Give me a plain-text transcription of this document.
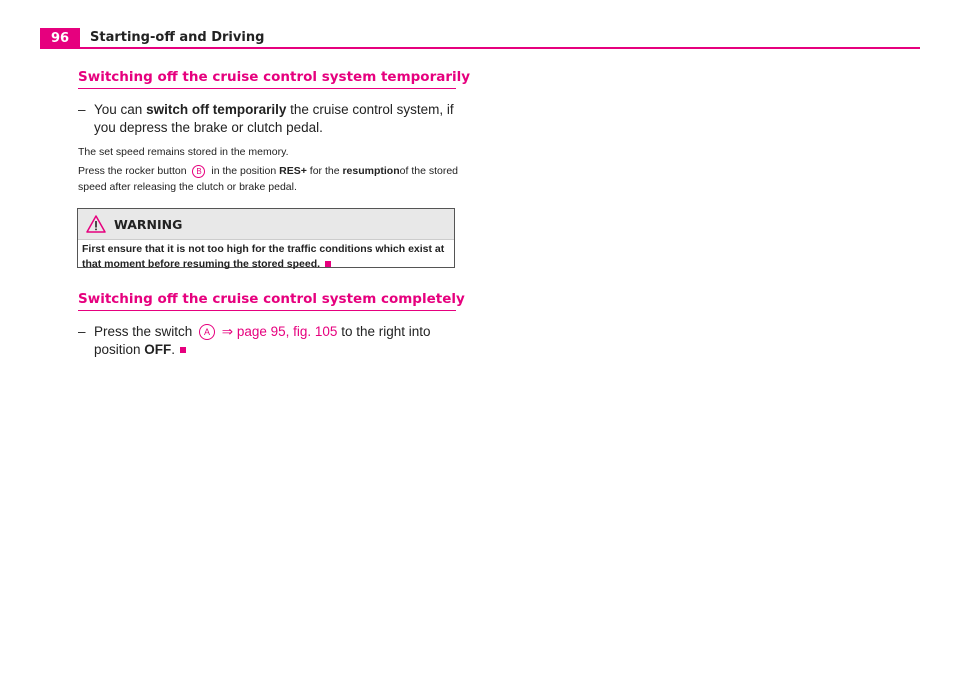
96	Starting-off and Driving
Switching off the cruise control system temporarily
– You can switch off temporarily the cruise control system, if you depress the brake or clutch pedal.
The set speed remains stored in the memory.
Press the rocker button B in the position RES+ for the resumptionof the stored speed after releasing the clutch or brake pedal.
WARNING
First ensure that it is not too high for the traffic conditions which exist at that moment before resuming the stored speed.
Switching off the cruise control system completely
– Press the switch A ⇒ page 95, fig. 105 to the right into position OFF.
